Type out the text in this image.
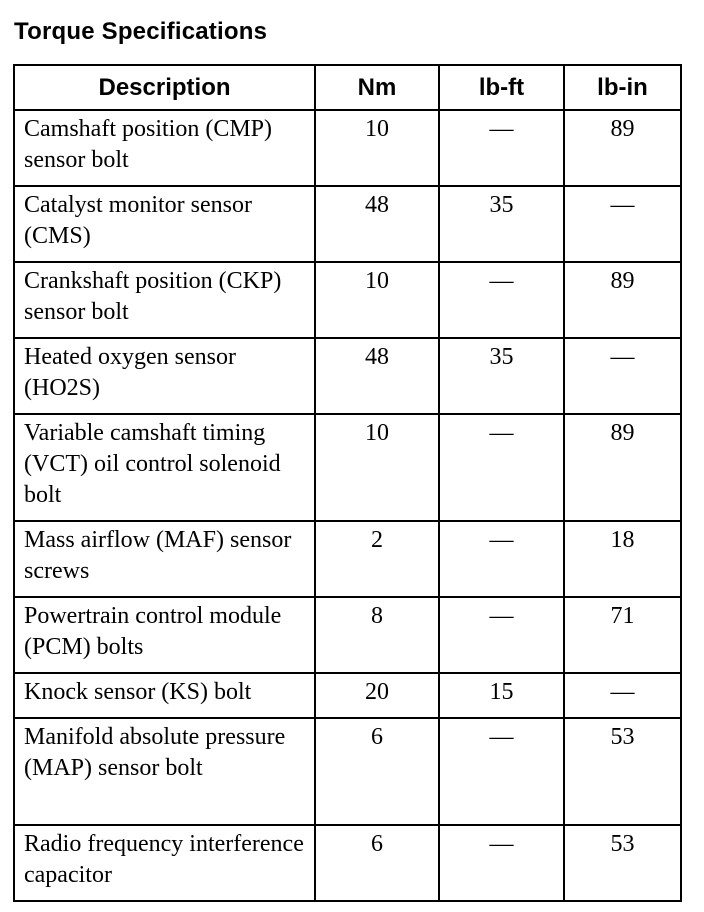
Torque Specifications
Description	Nm	lb-ft	lb-in
Camshaft position (CMP) sensor bolt	10	—	89
Catalyst monitor sensor (CMS)	48	35	—
Crankshaft position (CKP) sensor bolt	10	—	89
Heated oxygen sensor (HO2S)	48	35	—
Variable camshaft timing (VCT) oil control solenoid bolt	10	—	89
Mass airflow (MAF) sensor screws	2	—	18
Powertrain control module (PCM) bolts	8	—	71
Knock sensor (KS) bolt	20	15	—
Manifold absolute pressure (MAP) sensor bolt	6	—	53
Radio frequency interference capacitor	6	—	53
